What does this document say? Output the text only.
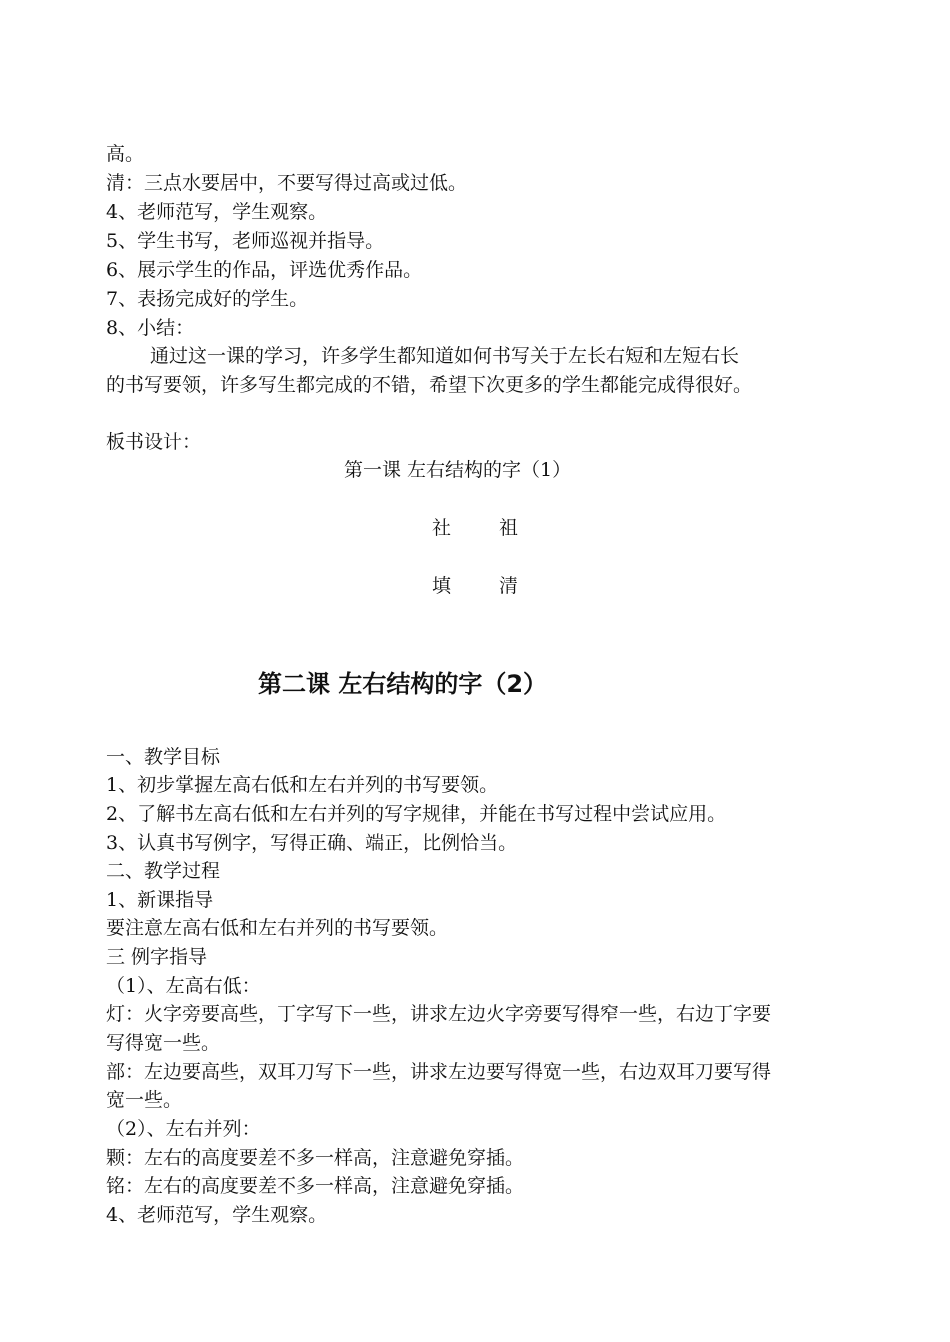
高。
清：三点水要居中，不要写得过高或过低。
4、老师范写，学生观察。
5、学生书写，老师巡视并指导。
6、展示学生的作品，评选优秀作品。
7、表扬完成好的学生。
8、小结：
通过这一课的学习，许多学生都知道如何书写关于左长右短和左短右长
的书写要领，许多写生都完成的不错，希望下次更多的学生都能完成得很好。
板书设计：
第一课 左右结构的字（1）
社	祖
填	清
第二课 左右结构的字（2）
一、教学目标
1、初步掌握左高右低和左右并列的书写要领。
2、了解书左高右低和左右并列的写字规律，并能在书写过程中尝试应用。
3、认真书写例字，写得正确、端正，比例恰当。
二、教学过程
1、新课指导
要注意左高右低和左右并列的书写要领。
三 例字指导
（1）、左高右低：
灯：火字旁要高些，丁字写下一些，讲求左边火字旁要写得窄一些，右边丁字要
写得宽一些。
部：左边要高些，双耳刀写下一些，讲求左边要写得宽一些，右边双耳刀要写得
宽一些。
（2）、左右并列：
颗：左右的高度要差不多一样高，注意避免穿插。
铭：左右的高度要差不多一样高，注意避免穿插。
4、老师范写，学生观察。
